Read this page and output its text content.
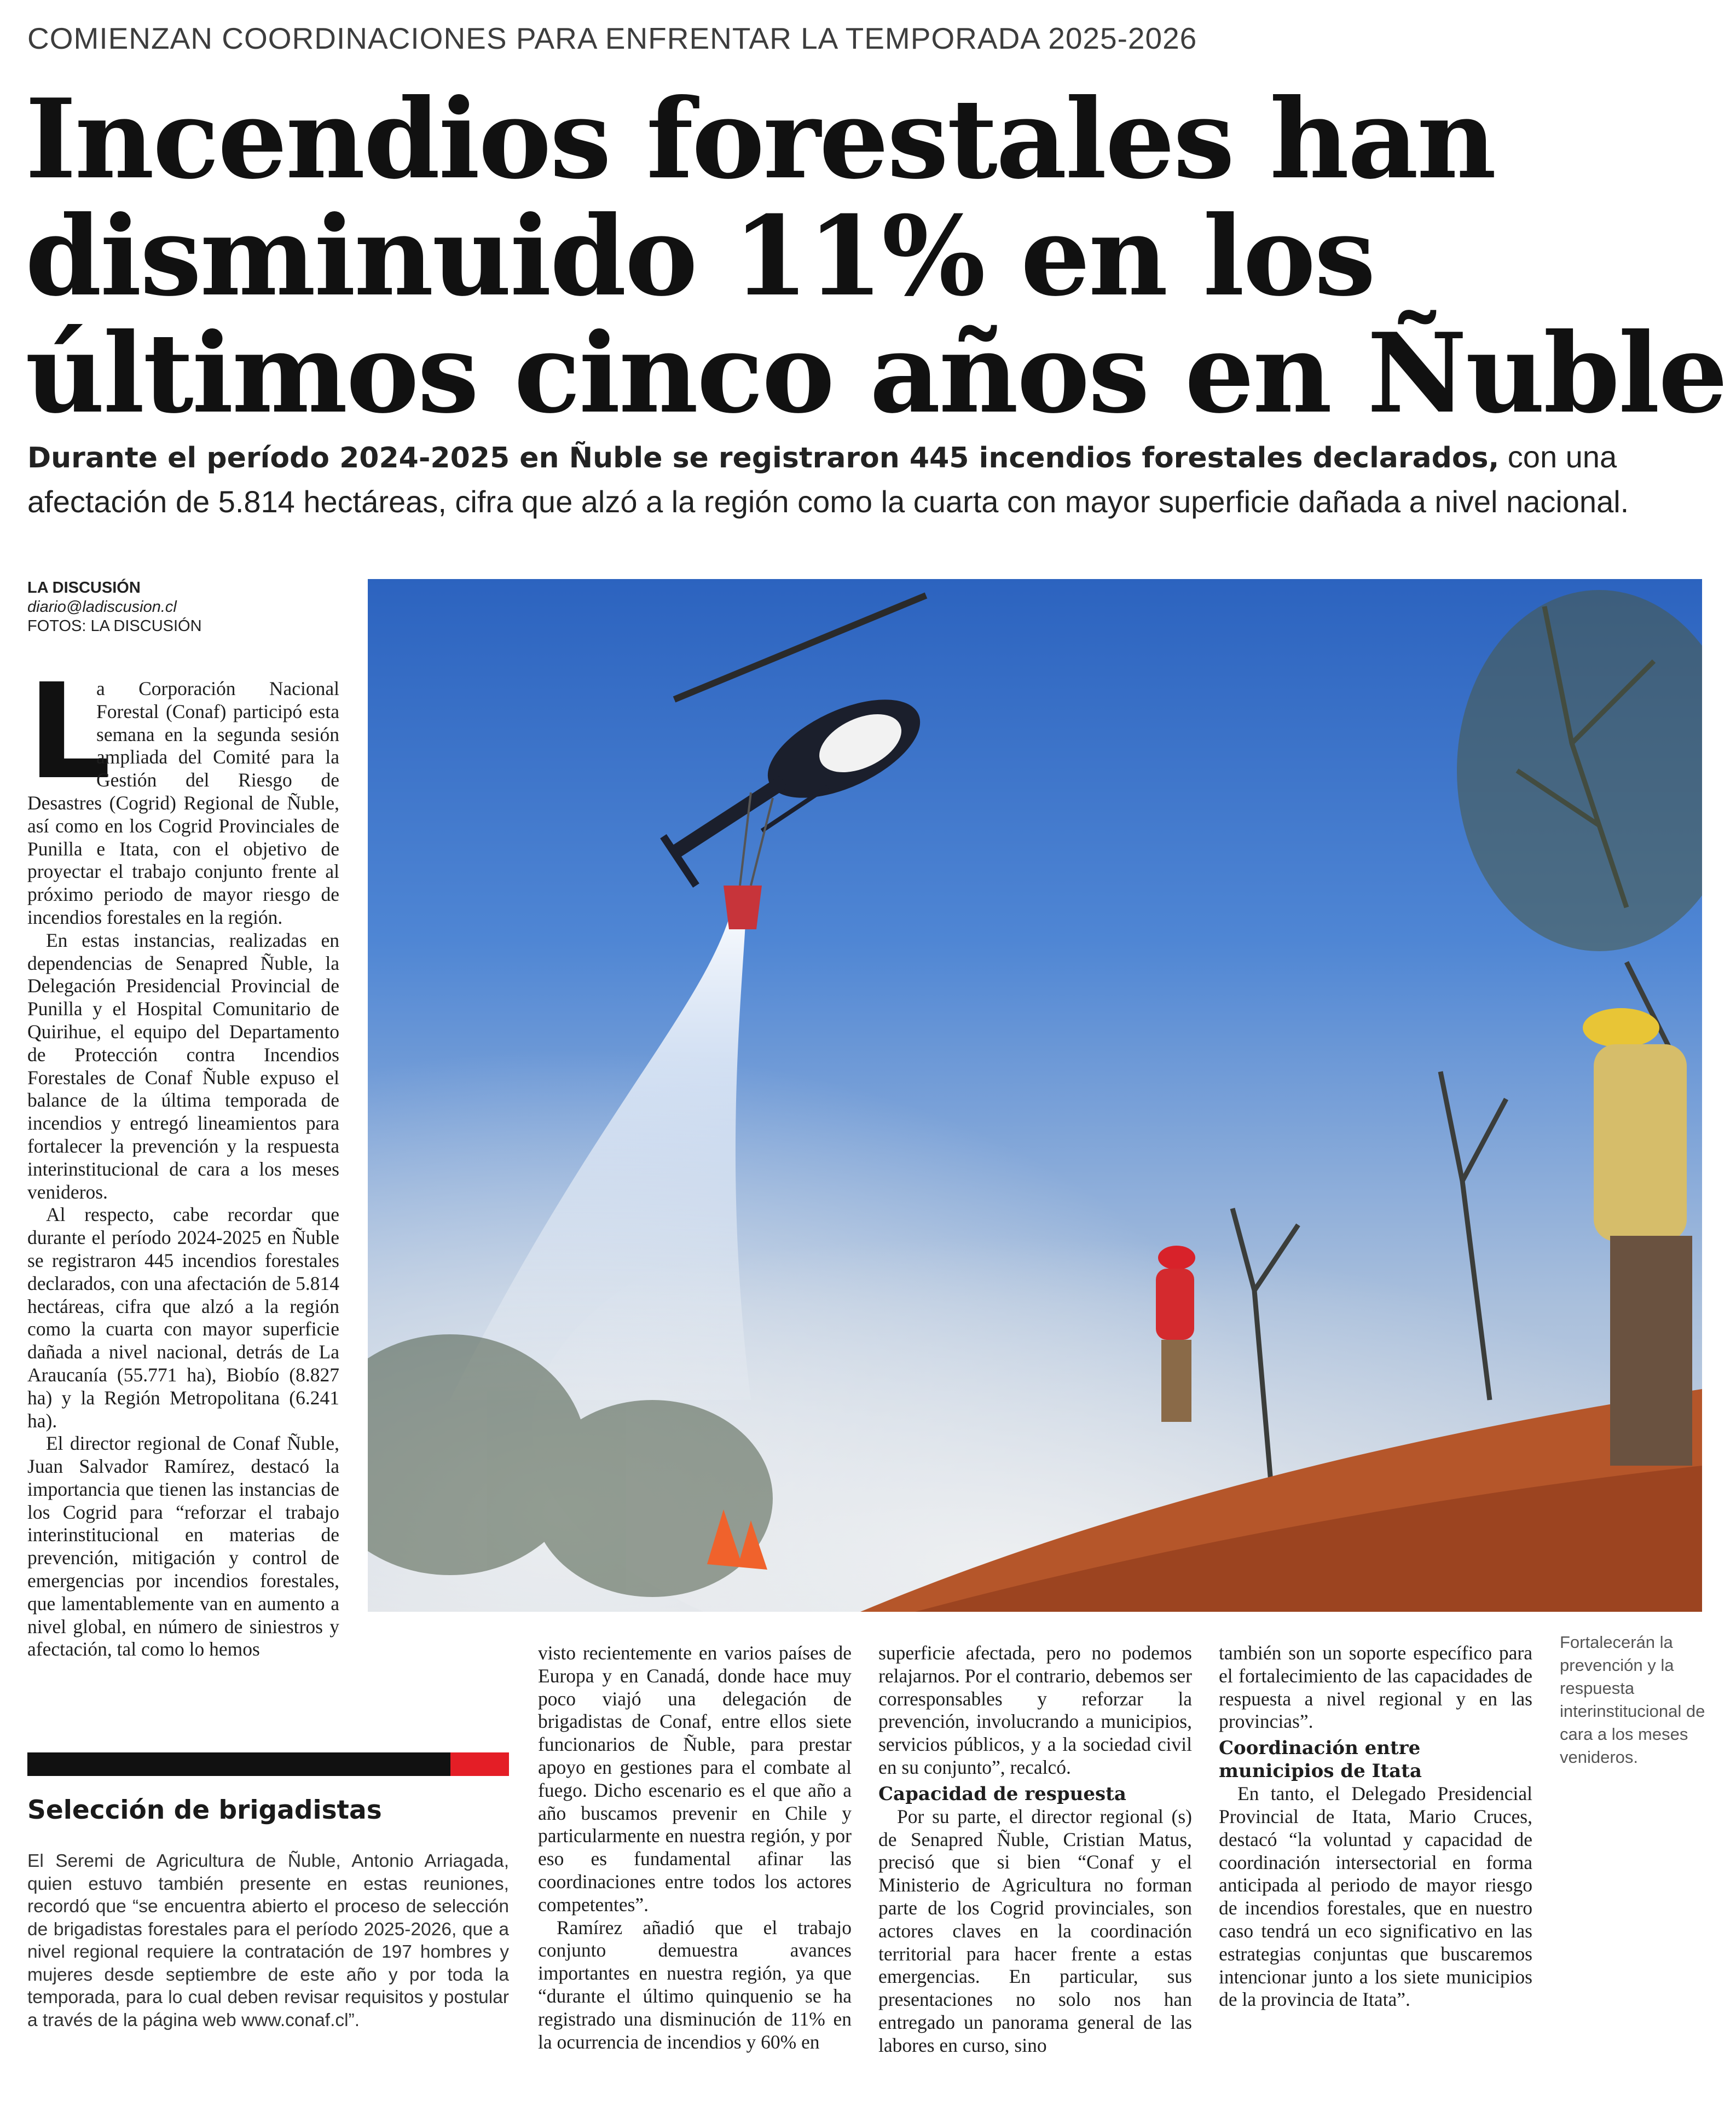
COMIENZAN COORDINACIONES PARA ENFRENTAR LA TEMPORADA 2025-2026
Incendios forestales han
disminuido 11% en los
últimos cinco años en Ñuble
Durante el período 2024-2025 en Ñuble se registraron 445 incendios forestales declarados, con una afectación de 5.814 hectáreas, cifra que alzó a la región como la cuarta con mayor superficie dañada a nivel nacional.
LA DISCUSIÓN
diario@ladiscusion.cl
FOTOS: LA DISCUSIÓN
L

a Corporación Nacional Forestal (Conaf) participó esta semana en la segunda sesión ampliada del Comité para la Gestión del Riesgo de Desastres (Cogrid) Regional de Ñuble, así como en los Cogrid Provinciales de Punilla e Itata, con el objetivo de proyectar el trabajo conjunto frente al próximo periodo de mayor riesgo de incendios forestales en la región.

En estas instancias, realizadas en dependencias de Senapred Ñuble, la Delegación Presidencial Provincial de Punilla y el Hospital Comunitario de Quirihue, el equipo del Departamento de Protección contra Incendios Forestales de Conaf Ñuble expuso el balance de la última temporada de incendios y entregó lineamientos para fortalecer la prevención y la respuesta interinstitucional de cara a los meses venideros.

Al respecto, cabe recordar que durante el período 2024-2025 en Ñuble se registraron 445 incendios forestales declarados, con una afectación de 5.814 hectáreas, cifra que alzó a la región como la cuarta con mayor superficie dañada a nivel nacional, detrás de La Araucanía (55.771 ha), Biobío (8.827 ha) y la Región Metropolitana (6.241 ha).

El director regional de Conaf Ñuble, Juan Salvador Ramírez, destacó la importancia que tienen las instancias de los Cogrid para “reforzar el trabajo interinstitucional en materias de prevención, mitigación y control de emergencias por incendios forestales, que lamentablemente van en aumento a nivel global, en número de siniestros y afectación, tal como lo hemos	Fortalecerán la prevención y la respuesta interinstitucional de cara a los meses venideros.
Selección de brigadistas

El Seremi de Agricultura de Ñuble, Antonio Arriagada, quien estuvo también presente en estas reuniones, recordó que “se encuentra abierto el proceso de selección de brigadistas forestales para el período 2025-2026, que a nivel regional requiere la contratación de 197 hombres y mujeres desde septiembre de este año y por toda la temporada, para lo cual deben revisar requisitos y postular a través de la página web www.conaf.cl”.

visto recientemente en varios países de Europa y en Canadá, donde hace muy poco viajó una delegación de brigadistas de Conaf, entre ellos siete funcionarios de Ñuble, para prestar apoyo en gestiones para el combate al fuego. Dicho escenario es el que año a año buscamos prevenir en Chile y particularmente en nuestra región, y por eso es fundamental afinar las coordinaciones entre todos los actores competentes”.

Ramírez añadió que el trabajo conjunto demuestra avances importantes en nuestra región, ya que “durante el último quinquenio se ha registrado una disminución de 11% en la ocurrencia de incendios y 60% en

superficie afectada, pero no podemos relajarnos. Por el contrario, debemos ser corresponsables y reforzar la prevención, involucrando a municipios, servicios públicos, y a la sociedad civil en su conjunto”, recalcó.

Capacidad de respuesta

Por su parte, el director regional (s) de Senapred Ñuble, Cristian Matus, precisó que si bien “Conaf y el Ministerio de Agricultura no forman parte de los Cogrid provinciales, son actores claves en la coordinación territorial para hacer frente a estas emergencias. En particular, sus presentaciones no solo nos han entregado un panorama general de las labores en curso, sino

también son un soporte específico para el fortalecimiento de las capacidades de respuesta a nivel regional y en las provincias”.

Coordinación entre municipios de Itata

En tanto, el Delegado Presidencial Provincial de Itata, Mario Cruces, destacó “la voluntad y capacidad de coordinación intersectorial en forma anticipada al periodo de mayor riesgo de incendios forestales, que en nuestro caso tendrá un eco significativo en las estrategias conjuntas que buscaremos intencionar junto a los siete municipios de la provincia de Itata”.
